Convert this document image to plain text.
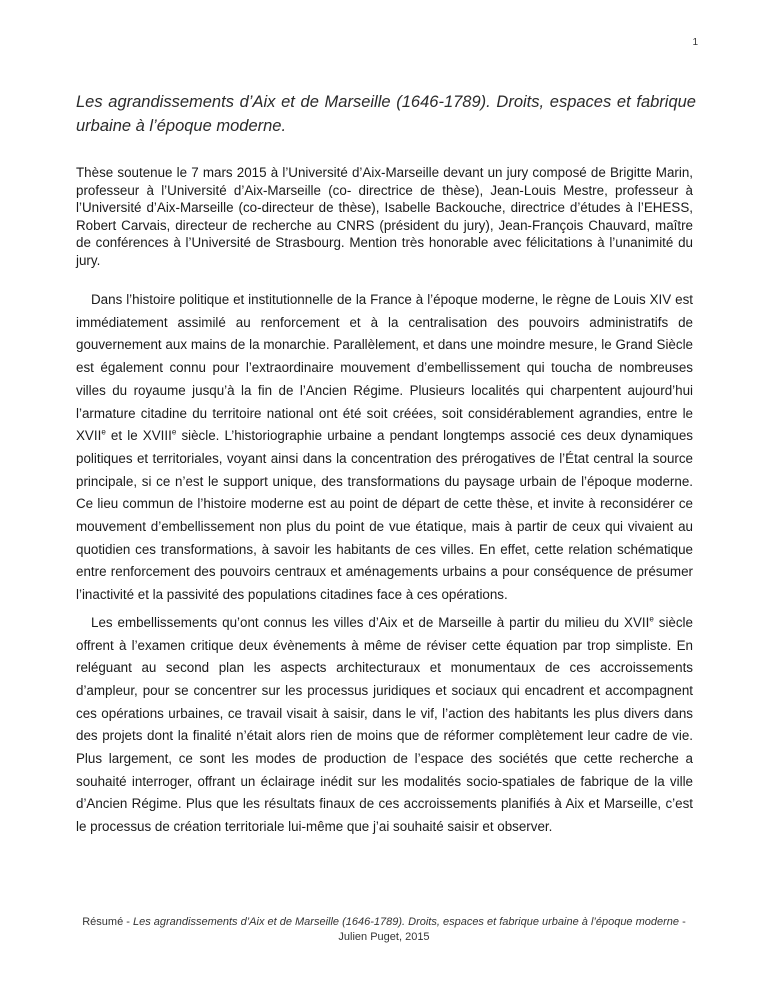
1
Les agrandissements d’Aix et de Marseille (1646-1789). Droits, espaces et fabrique urbaine à l’époque moderne.

Thèse soutenue le 7 mars 2015 à l’Université d’Aix-Marseille devant un jury composé de Brigitte Marin, professeur à l’Université d’Aix-Marseille (co- directrice de thèse), Jean-Louis Mestre, professeur à l’Université d’Aix-Marseille (co-directeur de thèse), Isabelle Backouche, directrice d’études à l’EHESS, Robert Carvais, directeur de recherche au CNRS (président du jury), Jean-François Chauvard, maître de conférences à l’Université de Strasbourg. Mention très honorable avec félicitations à l’unanimité du jury.

Dans l’histoire politique et institutionnelle de la France à l’époque moderne, le règne de Louis XIV est immédiatement assimilé au renforcement et à la centralisation des pouvoirs administratifs de gouvernement aux mains de la monarchie. Parallèlement, et dans une moindre mesure, le Grand Siècle est également connu pour l’extraordinaire mouvement d’embellissement qui toucha de nombreuses villes du royaume jusqu’à la fin de l’Ancien Régime. Plusieurs localités qui charpentent aujourd’hui l’armature citadine du territoire national ont été soit créées, soit considérablement agrandies, entre le XVIIe et le XVIIIe siècle. L’historiographie urbaine a pendant longtemps associé ces deux dynamiques politiques et territoriales, voyant ainsi dans la concentration des prérogatives de l’État central la source principale, si ce n’est le support unique, des transformations du paysage urbain de l’époque moderne. Ce lieu commun de l’histoire moderne est au point de départ de cette thèse, et invite à reconsidérer ce mouvement d’embellissement non plus du point de vue étatique, mais à partir de ceux qui vivaient au quotidien ces transformations, à savoir les habitants de ces villes. En effet, cette relation schématique entre renforcement des pouvoirs centraux et aménagements urbains a pour conséquence de présumer l’inactivité et la passivité des populations citadines face à ces opérations.

Les embellissements qu’ont connus les villes d’Aix et de Marseille à partir du milieu du XVIIe siècle offrent à l’examen critique deux évènements à même de réviser cette équation par trop simpliste. En reléguant au second plan les aspects architecturaux et monumentaux de ces accroissements d’ampleur, pour se concentrer sur les processus juridiques et sociaux qui encadrent et accompagnent ces opérations urbaines, ce travail visait à saisir, dans le vif, l’action des habitants les plus divers dans des projets dont la finalité n’était alors rien de moins que de réformer complètement leur cadre de vie. Plus largement, ce sont les modes de production de l’espace des sociétés que cette recherche a souhaité interroger, offrant un éclairage inédit sur les modalités socio-spatiales de fabrique de la ville d’Ancien Régime. Plus que les résultats finaux de ces accroissements planifiés à Aix et Marseille, c’est le processus de création territoriale lui-même que j’ai souhaité saisir et observer.

Résumé - Les agrandissements d’Aix et de Marseille (1646-1789). Droits, espaces et fabrique urbaine à l’époque moderne - Julien Puget, 2015
